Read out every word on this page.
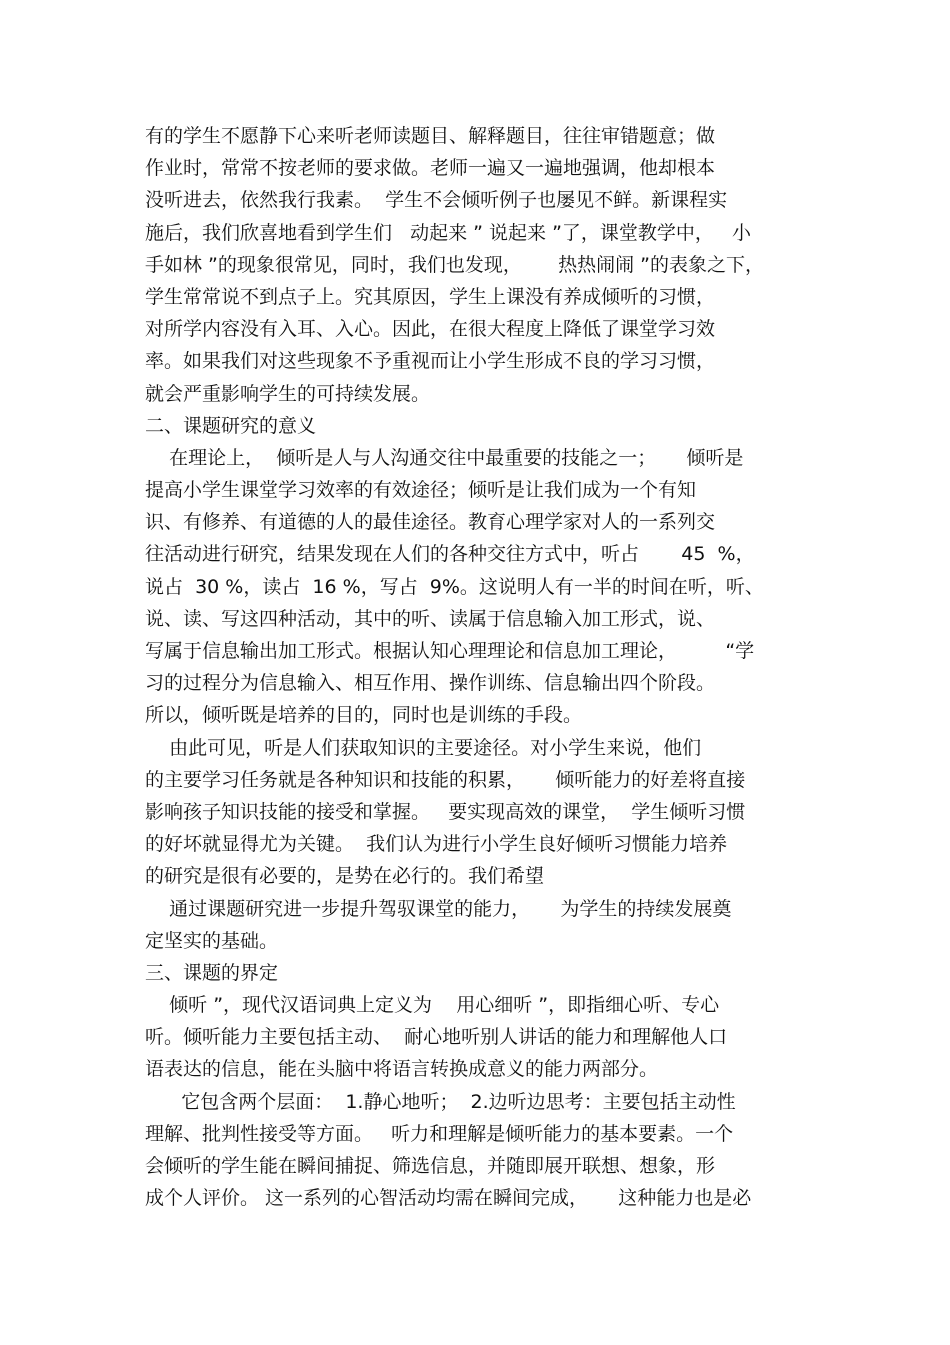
有的学生不愿静下心来听老师读题目、解释题目，往往审错题意；做
作业时，常常不按老师的要求做。老师一遍又一遍地强调，他却根本
没听进去，依然我行我素。  学生不会倾听例子也屡见不鲜。新课程实
施后，我们欣喜地看到学生们   动起来 ” 说起来 ”了，课堂教学中，   小
手如林 ”的现象很常见，同时，我们也发现，      热热闹闹 ”的表象之下，
学生常常说不到点子上。究其原因，学生上课没有养成倾听的习惯，
对所学内容没有入耳、入心。因此，在很大程度上降低了课堂学习效
率。如果我们对这些现象不予重视而让小学生形成不良的学习习惯，
就会严重影响学生的可持续发展。
二、课题研究的意义
在理论上，  倾听是人与人沟通交往中最重要的技能之一；     倾听是
提高小学生课堂学习效率的有效途径；倾听是让我们成为一个有知
识、有修养、有道德的人的最佳途径。教育心理学家对人的一系列交
往活动进行研究，结果发现在人们的各种交往方式中，听占       45  %，
说占  30 %，读占  16 %，写占  9%。这说明人有一半的时间在听，听、
说、读、写这四种活动，其中的听、读属于信息输入加工形式，说、
写属于信息输出加工形式。根据认知心理理论和信息加工理论，        “学
习的过程分为信息输入、相互作用、操作训练、信息输出四个阶段。
所以，倾听既是培养的目的，同时也是训练的手段。
由此可见，听是人们获取知识的主要途径。对小学生来说，他们
的主要学习任务就是各种知识和技能的积累，     倾听能力的好差将直接
影响孩子知识技能的接受和掌握。   要实现高效的课堂，  学生倾听习惯
的好坏就显得尤为关键。  我们认为进行小学生良好倾听习惯能力培养
的研究是很有必要的，是势在必行的。我们希望
通过课题研究进一步提升驾驭课堂的能力，     为学生的持续发展奠
定坚实的基础。
三、课题的界定
倾听 ”，现代汉语词典上定义为    用心细听 ”，即指细心听、专心
听。倾听能力主要包括主动、  耐心地听别人讲话的能力和理解他人口
语表达的信息，能在头脑中将语言转换成意义的能力两部分。
它包含两个层面：  1.静心地听；  2.边听边思考：主要包括主动性
理解、批判性接受等方面。   听力和理解是倾听能力的基本要素。一个
会倾听的学生能在瞬间捕捉、筛选信息，并随即展开联想、想象，形
成个人评价。 这一系列的心智活动均需在瞬间完成，     这种能力也是必
